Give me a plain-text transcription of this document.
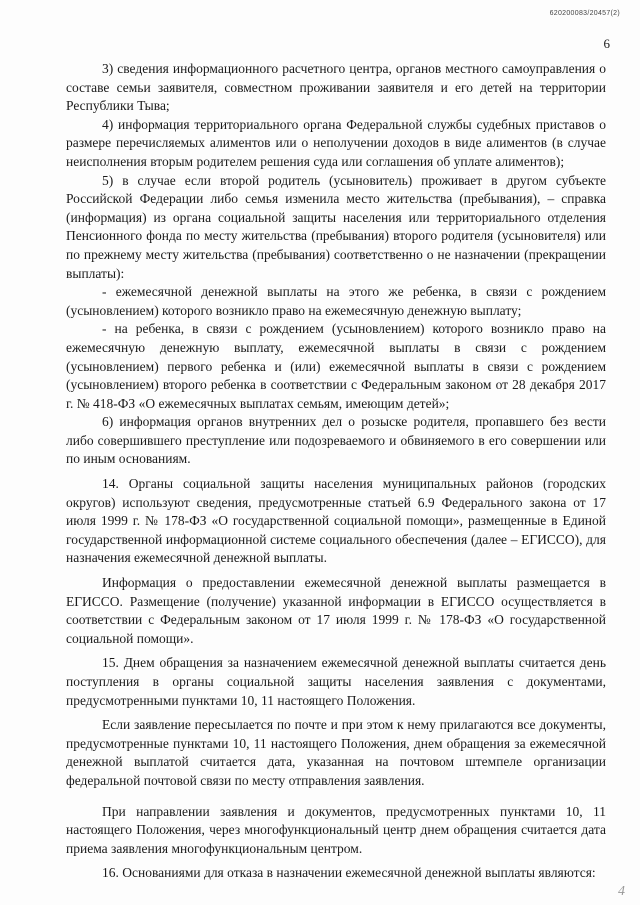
620200083/20457(2)
6

3) сведения информационного расчетного центра, органов местного самоуправления о составе семьи заявителя, совместном проживании заявителя и его детей на территории Республики Тыва;

4) информация территориального органа Федеральной службы судебных приставов о размере перечисляемых алиментов или о неполучении доходов в виде алиментов (в случае неисполнения вторым родителем решения суда или соглашения об уплате алиментов);

5) в случае если второй родитель (усыновитель) проживает в другом субъекте Российской Федерации либо семья изменила место жительства (пребывания), – справка (информация) из органа социальной защиты населения или территориального отделения Пенсионного фонда по месту жительства (пребывания) второго родителя (усыновителя) или по прежнему месту жительства (пребывания) соответственно о не назначении (прекращении выплаты):

- ежемесячной денежной выплаты на этого же ребенка, в связи с рождением (усыновлением) которого возникло право на ежемесячную денежную выплату;

- на ребенка, в связи с рождением (усыновлением) которого возникло право на ежемесячную денежную выплату, ежемесячной выплаты в связи с рождением (усыновлением) первого ребенка и (или) ежемесячной выплаты в связи с рождением (усыновлением) второго ребенка в соответствии с Федеральным законом от 28 декабря 2017 г. № 418-ФЗ «О ежемесячных выплатах семьям, имеющим детей»;

6) информация органов внутренних дел о розыске родителя, пропавшего без вести либо совершившего преступление или подозреваемого и обвиняемого в его совершении или по иным основаниям.

14. Органы социальной защиты населения муниципальных районов (городских округов) используют сведения, предусмотренные статьей 6.9 Федерального закона от 17 июля 1999 г. № 178-ФЗ «О государственной социальной помощи», размещенные в Единой государственной информационной системе социального обеспечения (далее – ЕГИССО), для назначения ежемесячной денежной выплаты.

Информация о предоставлении ежемесячной денежной выплаты размещается в ЕГИССО. Размещение (получение) указанной информации в ЕГИССО осуществляется в соответствии с Федеральным законом от 17 июля 1999 г. № 178-ФЗ «О государственной социальной помощи».

15. Днем обращения за назначением ежемесячной денежной выплаты считается день поступления в органы социальной защиты населения заявления с документами, предусмотренными пунктами 10, 11 настоящего Положения.

Если заявление пересылается по почте и при этом к нему прилагаются все документы, предусмотренные пунктами 10, 11 настоящего Положения, днем обращения за ежемесячной денежной выплатой считается дата, указанная на почтовом штемпеле организации федеральной почтовой связи по месту отправления заявления.

При направлении заявления и документов, предусмотренных пунктами 10, 11 настоящего Положения, через многофункциональный центр днем обращения считается дата приема заявления многофункциональным центром.

16. Основаниями для отказа в назначении ежемесячной денежной выплаты являются:

4
